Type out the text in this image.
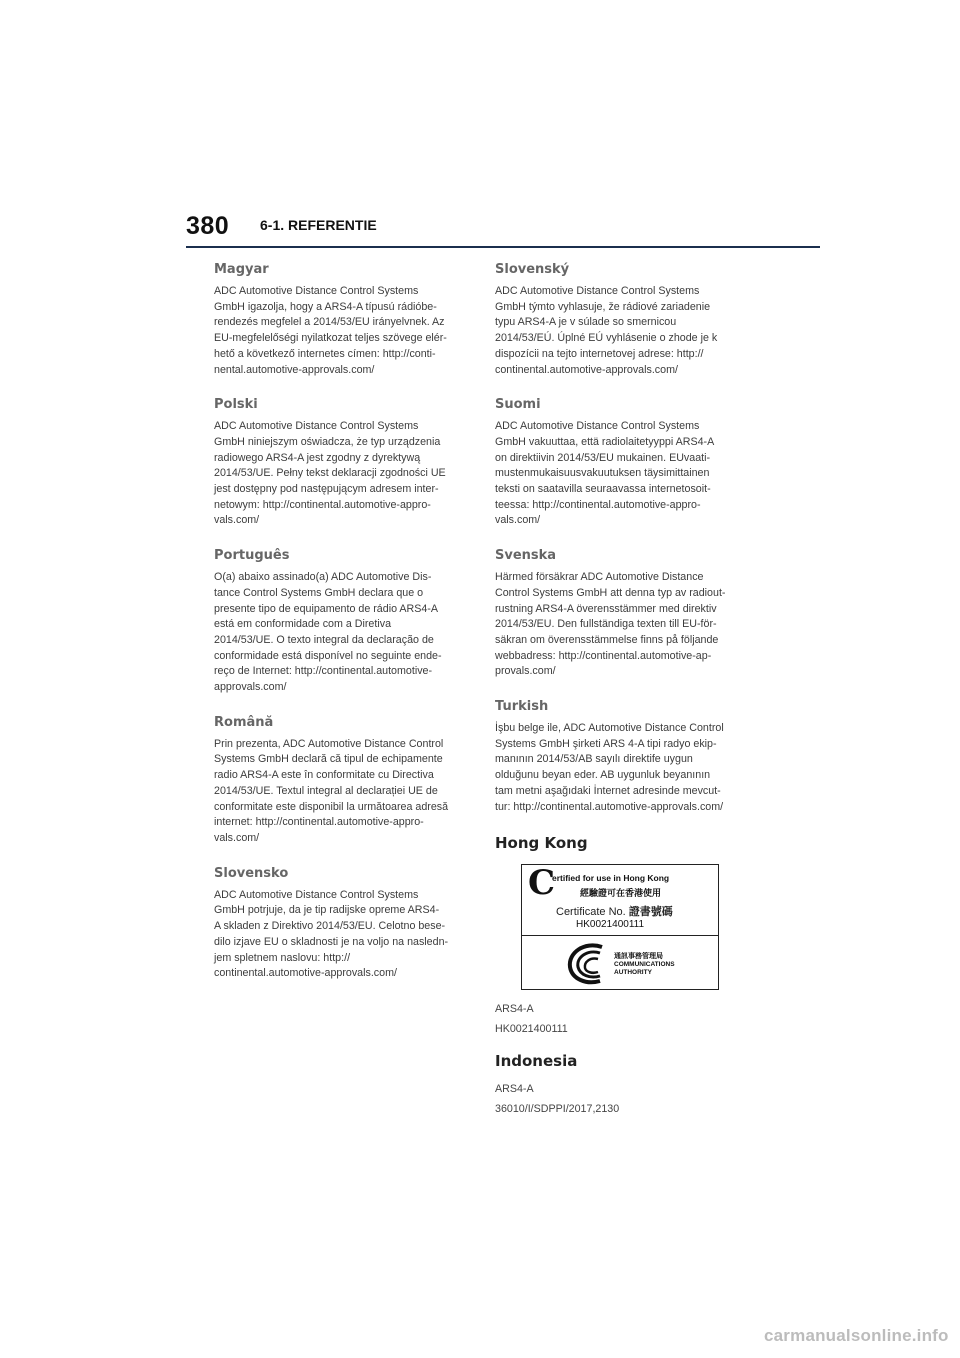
380 6-1. REFERENTIE
Magyar

ADC Automotive Distance Control Systems
GmbH igazolja, hogy a ARS4-A típusú rádióbe-
rendezés megfelel a 2014/53/EU irányelvnek. Az
EU-megfelelőségi nyilatkozat teljes szövege elér-
hető a következő internetes címen: http://conti-
nental.automotive-approvals.com/

Polski

ADC Automotive Distance Control Systems
GmbH niniejszym oświadcza, że typ urządzenia
radiowego ARS4-A jest zgodny z dyrektywą
2014/53/UE. Pełny tekst deklaracji zgodności UE
jest dostępny pod następującym adresem inter-
netowym: http://continental.automotive-appro-
vals.com/

Português

O(a) abaixo assinado(a) ADC Automotive Dis-
tance Control Systems GmbH declara que o
presente tipo de equipamento de rádio ARS4-A
está em conformidade com a Diretiva
2014/53/UE. O texto integral da declaração de
conformidade está disponível no seguinte ende-
reço de Internet: http://continental.automotive-
approvals.com/

Română

Prin prezenta, ADC Automotive Distance Control
Systems GmbH declară că tipul de echipamente
radio ARS4-A este în conformitate cu Directiva
2014/53/UE. Textul integral al declarației UE de
conformitate este disponibil la următoarea adresă
internet: http://continental.automotive-appro-
vals.com/

Slovensko

ADC Automotive Distance Control Systems
GmbH potrjuje, da je tip radijske opreme ARS4-
A skladen z Direktivo 2014/53/EU. Celotno bese-
dilo izjave EU o skladnosti je na voljo na nasledn-
jem spletnem naslovu: http://
continental.automotive-approvals.com/

Slovenský

ADC Automotive Distance Control Systems
GmbH týmto vyhlasuje, že rádiové zariadenie
typu ARS4-A je v súlade so smernicou
2014/53/EÚ. Úplné EÚ vyhlásenie o zhode je k
dispozícii na tejto internetovej adrese: http://
continental.automotive-approvals.com/

Suomi

ADC Automotive Distance Control Systems
GmbH vakuuttaa, että radiolaitetyyppi ARS4-A
on direktiivin 2014/53/EU mukainen. EUvaati-
mustenmukaisuusvakuutuksen täysimittainen
teksti on saatavilla seuraavassa internetosoit-
teessa: http://continental.automotive-appro-
vals.com/

Svenska

Härmed försäkrar ADC Automotive Distance
Control Systems GmbH att denna typ av radiout-
rustning ARS4-A överensstämmer med direktiv
2014/53/EU. Den fullständiga texten till EU-för-
säkran om överensstämmelse finns på följande
webbadress: http://continental.automotive-ap-
provals.com/

Turkish

İşbu belge ile, ADC Automotive Distance Control
Systems GmbH şirketi ARS 4-A tipi radyo ekip-
manının 2014/53/AB sayılı direktife uygun
olduğunu beyan eder. AB uygunluk beyanının
tam metni aşağıdaki İnternet adresinde mevcut-
tur: http://continental.automotive-approvals.com/

Hong Kong
C
ertified for use in Hong Kong
經驗證可在香港使用
Certificate No. 證書號碼
HK0021400111
通訊事務管理局
COMMUNICATIONS AUTHORITY

ARS4-A

HK0021400111

Indonesia

ARS4-A

36010/I/SDPPI/2017,2130

carmanualsonline.info
